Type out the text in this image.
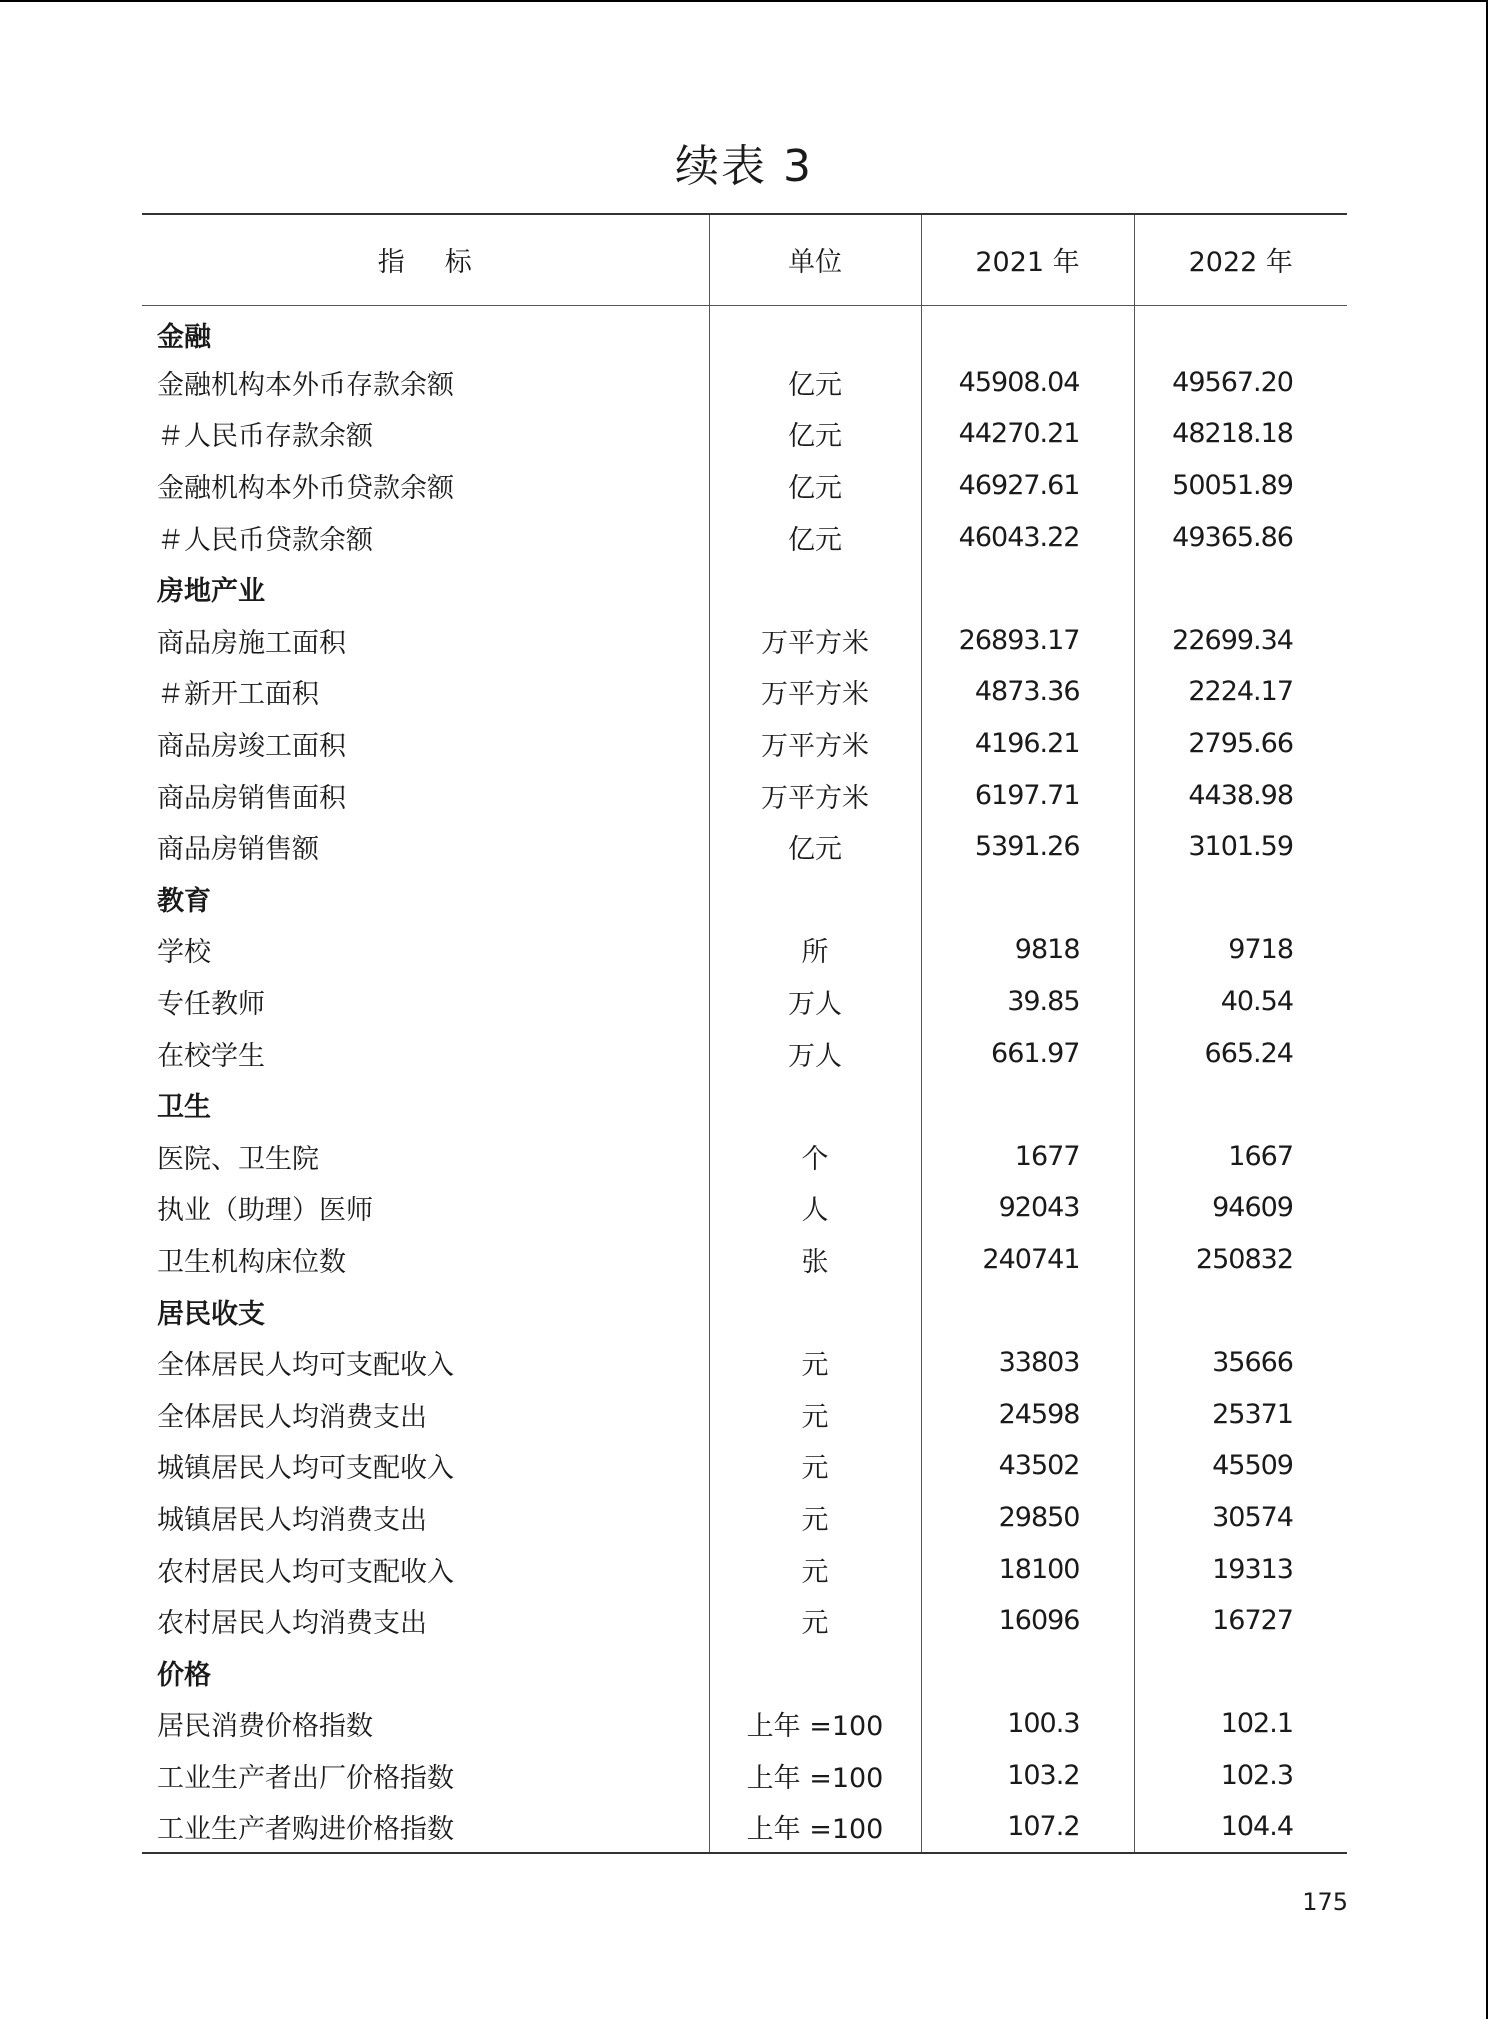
续表 3
指标	单位	2021 年	2022 年
金融			
金融机构本外币存款余额	亿元	45908.04	49567.20
＃人民币存款余额	亿元	44270.21	48218.18
金融机构本外币贷款余额	亿元	46927.61	50051.89
＃人民币贷款余额	亿元	46043.22	49365.86
房地产业			
商品房施工面积	万平方米	26893.17	22699.34
＃新开工面积	万平方米	4873.36	2224.17
商品房竣工面积	万平方米	4196.21	2795.66
商品房销售面积	万平方米	6197.71	4438.98
商品房销售额	亿元	5391.26	3101.59
教育			
学校	所	9818	9718
专任教师	万人	39.85	40.54
在校学生	万人	661.97	665.24
卫生			
医院、卫生院	个	1677	1667
执业（助理）医师	人	92043	94609
卫生机构床位数	张	240741	250832
居民收支			
全体居民人均可支配收入	元	33803	35666
全体居民人均消费支出	元	24598	25371
城镇居民人均可支配收入	元	43502	45509
城镇居民人均消费支出	元	29850	30574
农村居民人均可支配收入	元	18100	19313
农村居民人均消费支出	元	16096	16727
价格			
居民消费价格指数	上年 =100	100.3	102.1
工业生产者出厂价格指数	上年 =100	103.2	102.3
工业生产者购进价格指数	上年 =100	107.2	104.4
175
